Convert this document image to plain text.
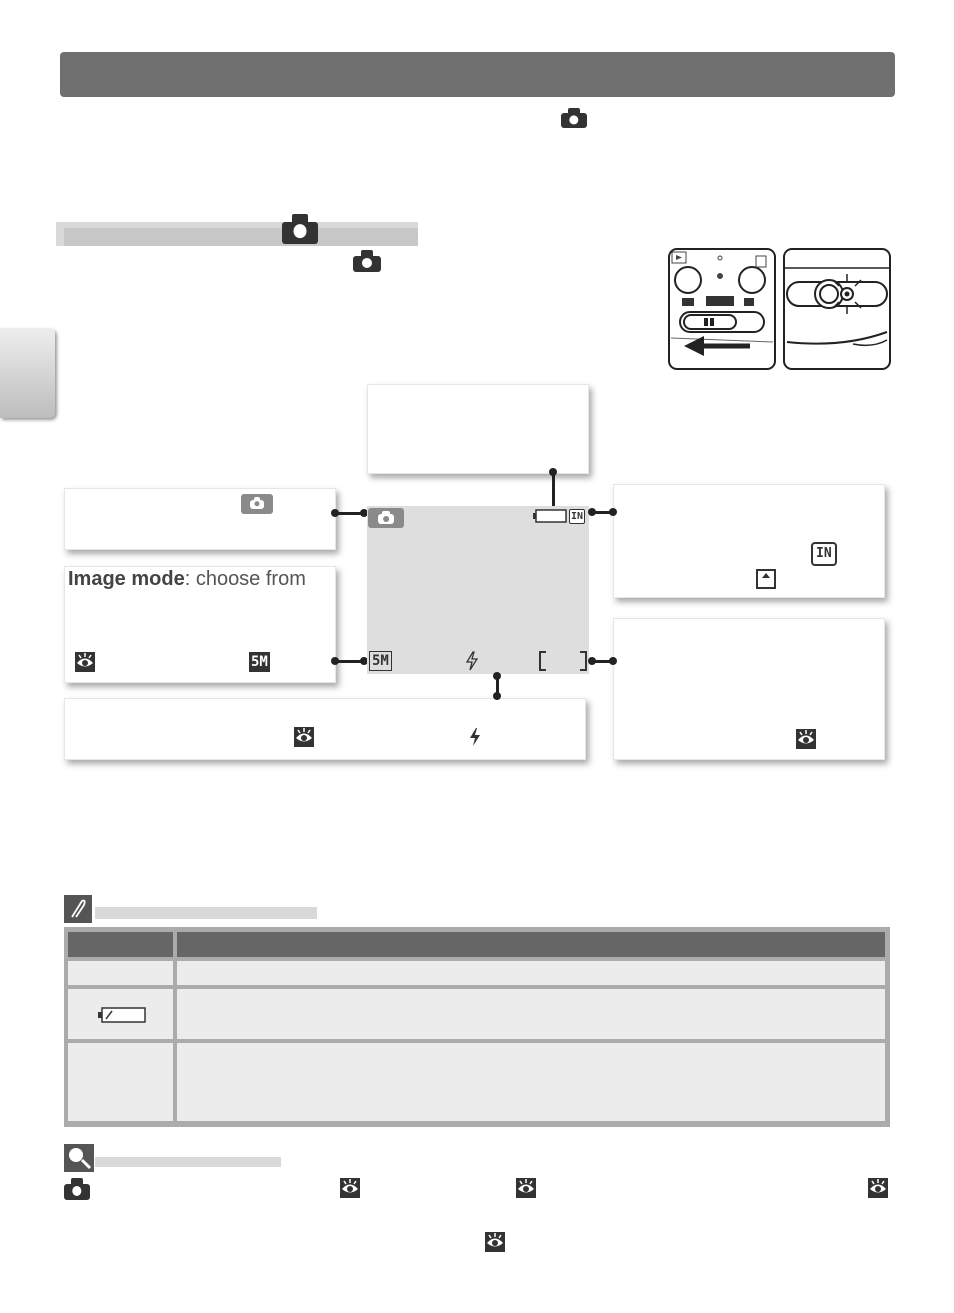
Image mode: choose from
5M
IN
5M
IN
